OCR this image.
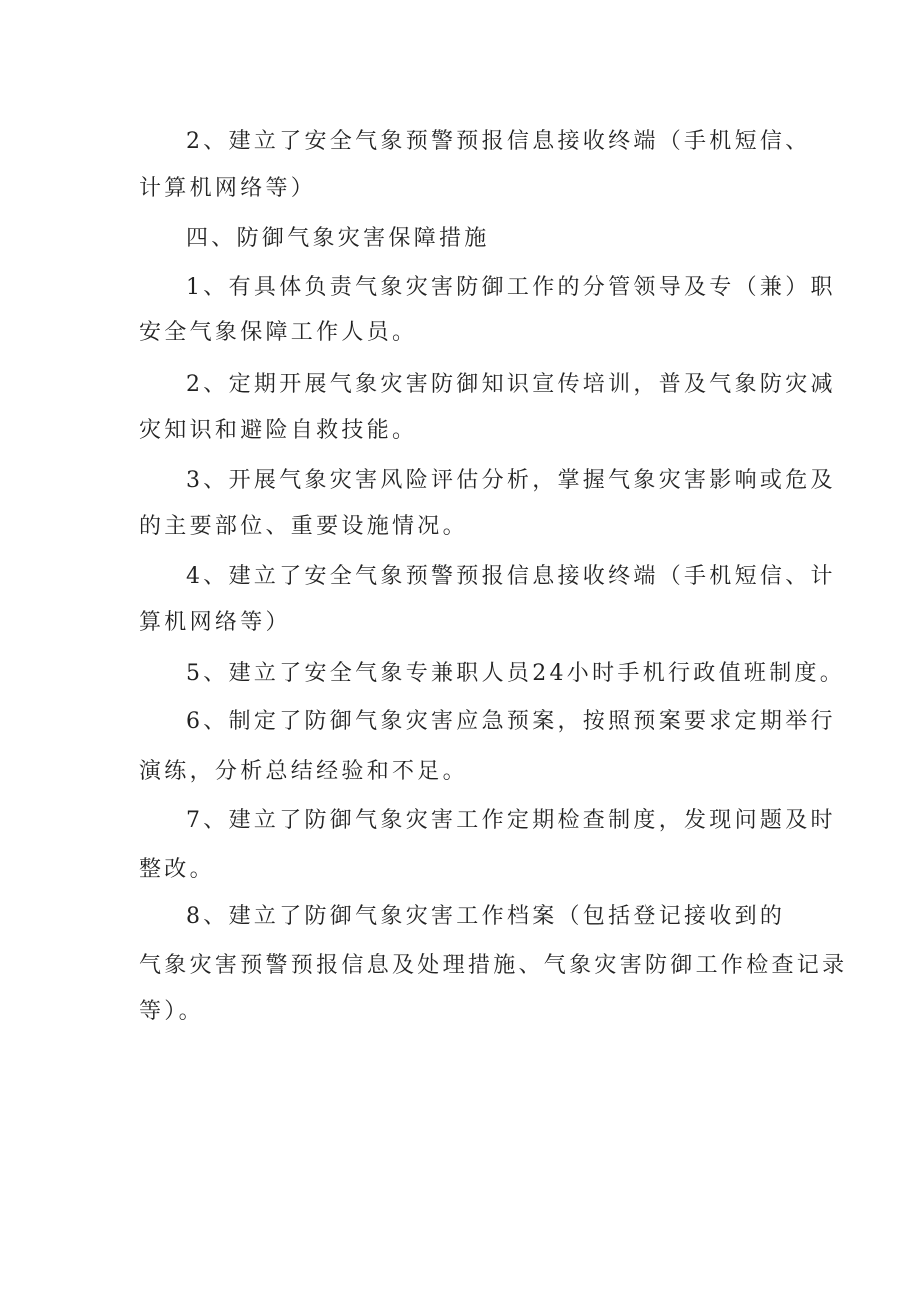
2、建立了安全气象预警预报信息接收终端（手机短信、
计算机网络等）
四、防御气象灾害保障措施
1、有具体负责气象灾害防御工作的分管领导及专（兼）职
安全气象保障工作人员。
2、定期开展气象灾害防御知识宣传培训，普及气象防灾减
灾知识和避险自救技能。
3、开展气象灾害风险评估分析，掌握气象灾害影响或危及
的主要部位、重要设施情况。
4、建立了安全气象预警预报信息接收终端（手机短信、计
算机网络等）
5、建立了安全气象专兼职人员24小时手机行政值班制度。
6、制定了防御气象灾害应急预案，按照预案要求定期举行
演练，分析总结经验和不足。
7、建立了防御气象灾害工作定期检查制度，发现问题及时
整改。
8、建立了防御气象灾害工作档案（包括登记接收到的
气象灾害预警预报信息及处理措施、气象灾害防御工作检查记录
等）。
